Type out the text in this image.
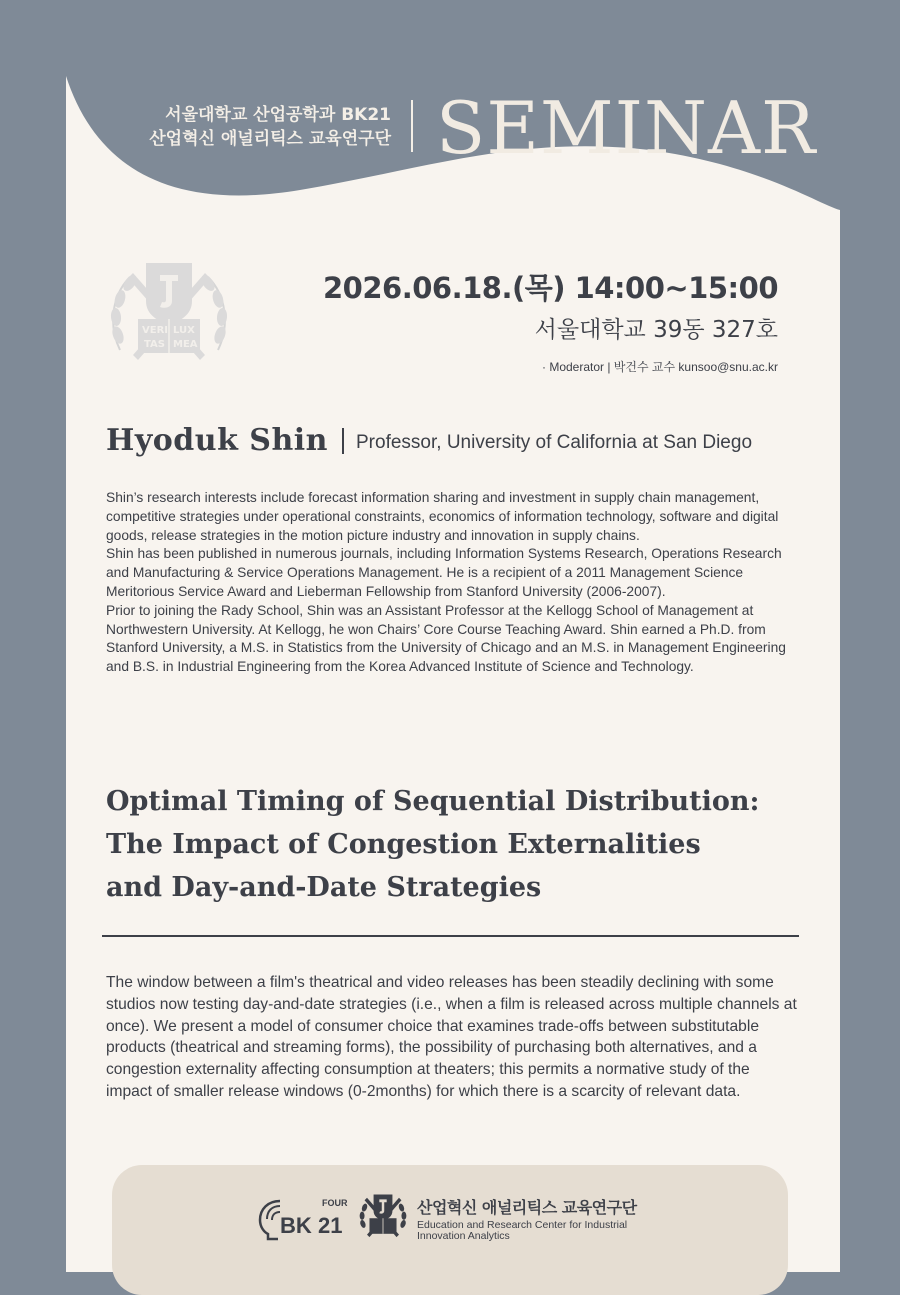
서울대학교 산업공학과 BK21
산업혁신 애널리틱스 교육연구단 SEMINAR
VERI LUX
TAS MEA
2026.06.18.(목) 14:00~15:00
서울대학교 39동 327호
· Moderator | 박건수 교수 kunsoo@snu.ac.kr
Hyoduk Shin Professor, University of California at San Diego

Shin’s research interests include forecast information sharing and investment in supply chain management, competitive strategies under operational constraints, economics of information technology, software and digital goods, release strategies in the motion picture industry and innovation in supply chains.

Shin has been published in numerous journals, including Information Systems Research, Operations Research and Manufacturing & Service Operations Management. He is a recipient of a 2011 Management Science Meritorious Service Award and Lieberman Fellowship from Stanford University (2006-2007).

Prior to joining the Rady School, Shin was an Assistant Professor at the Kellogg School of Management at Northwestern University. At Kellogg, he won Chairs’ Core Course Teaching Award. Shin earned a Ph.D. from Stanford University, a M.S. in Statistics from the University of Chicago and an M.S. in Management Engineering and B.S. in Industrial Engineering from the Korea Advanced Institute of Science and Technology.

Optimal Timing of Sequential Distribution:
The Impact of Congestion Externalities
and Day-and-Date Strategies
The window between a film's theatrical and video releases has been steadily declining with some studios now testing day-and-date strategies (i.e., when a film is released across multiple channels at once). We present a model of consumer choice that examines trade-offs between substitutable products (theatrical and streaming forms), the possibility of purchasing both alternatives, and a congestion externality affecting consumption at theaters; this permits a normative study of the impact of smaller release windows (0-2months) for which there is a scarcity of relevant data.
FOUR
BK 21
산업혁신 애널리틱스 교육연구단
Education and Research Center for Industrial Innovation Analytics
